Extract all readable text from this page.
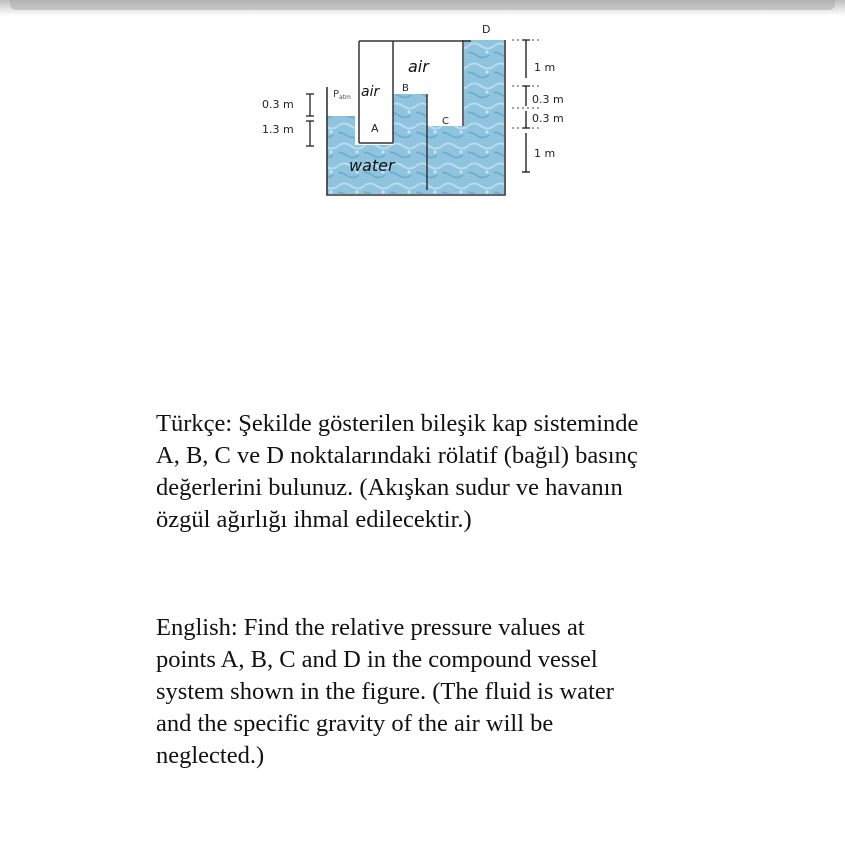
D
B
C
A
$P_{atm}$
air
air
water
0.3 m
1.3 m
1 m
0.3 m
0.3 m
1 m

Türkçe: Şekilde gösterilen bileşik kap sisteminde
A, B, C ve D noktalarındaki rölatif (bağıl) basınç
değerlerini bulunuz. (Akışkan sudur ve havanın
özgül ağırlığı ihmal edilecektir.)

English: Find the relative pressure values at
points A, B, C and D in the compound vessel
system shown in the figure. (The fluid is water
and the specific gravity of the air will be
neglected.)
